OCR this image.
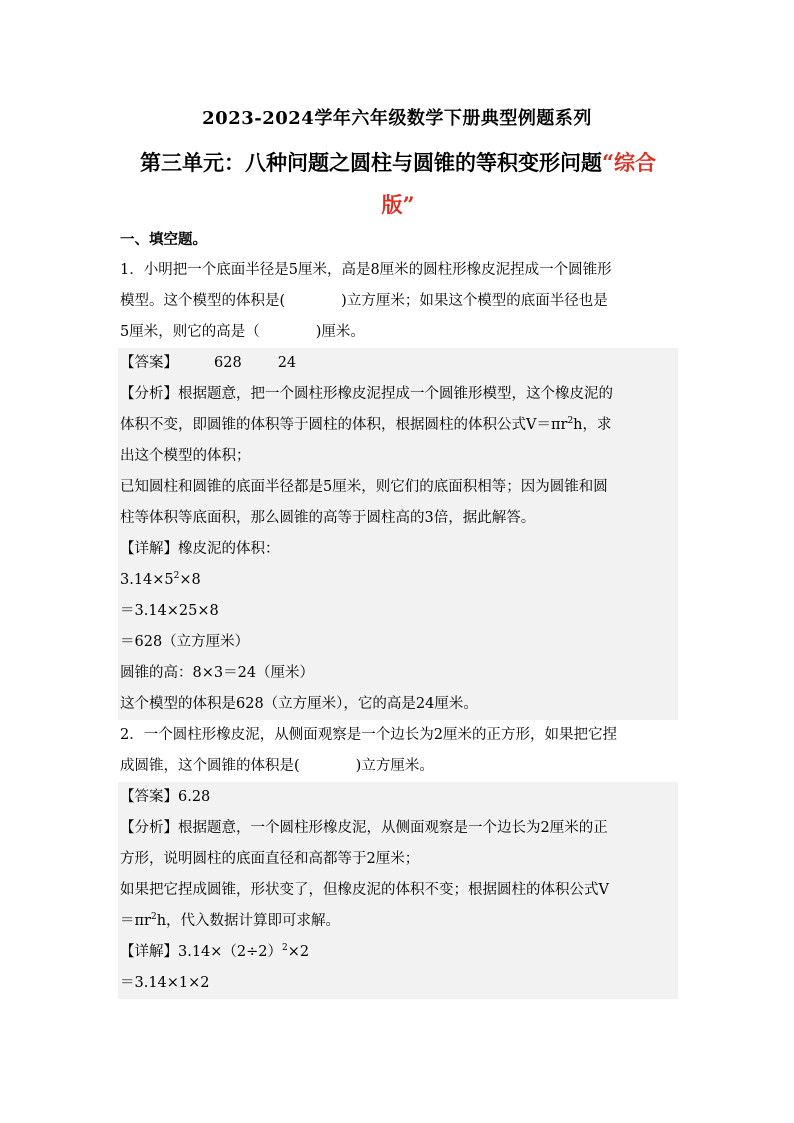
2023-2024学年六年级数学下册典型例题系列
第三单元：八种问题之圆柱与圆锥的等积变形问题“综合
版”
一、填空题。
1．小明把一个底面半径是5厘米，高是8厘米的圆柱形橡皮泥捏成一个圆锥形
模型。这个模型的体积是(	)立方厘米；如果这个模型的底面半径也是
5厘米，则它的高是（	)厘米。
【答案】 628 24
【分析】根据题意，把一个圆柱形橡皮泥捏成一个圆锥形模型，这个橡皮泥的
体积不变，即圆锥的体积等于圆柱的体积，根据圆柱的体积公式$V=\pi r^2h$，求
出这个模型的体积；
已知圆柱和圆锥的底面半径都是5厘米，则它们的底面积相等；因为圆锥和圆
柱等体积等底面积，那么圆锥的高等于圆柱高的3倍，据此解答。
【详解】橡皮泥的体积：
$3.14\times 5^2\times 8$
＝3.14×25×8
＝628（立方厘米）
圆锥的高：8×3＝24（厘米）
这个模型的体积是628（立方厘米），它的高是24厘米。
2．一个圆柱形橡皮泥，从侧面观察是一个边长为2厘米的正方形，如果把它捏
成圆锥，这个圆锥的体积是(	)立方厘米。
【答案】6.28
【分析】根据题意，一个圆柱形橡皮泥，从侧面观察是一个边长为2厘米的正
方形，说明圆柱的底面直径和高都等于2厘米；
如果把它捏成圆锥，形状变了，但橡皮泥的体积不变；根据圆柱的体积公式V
$=\pi r^2h$，代入数据计算即可求解。
【详解】$3.14\times(2\div 2)^2\times 2$
＝3.14×1×2
